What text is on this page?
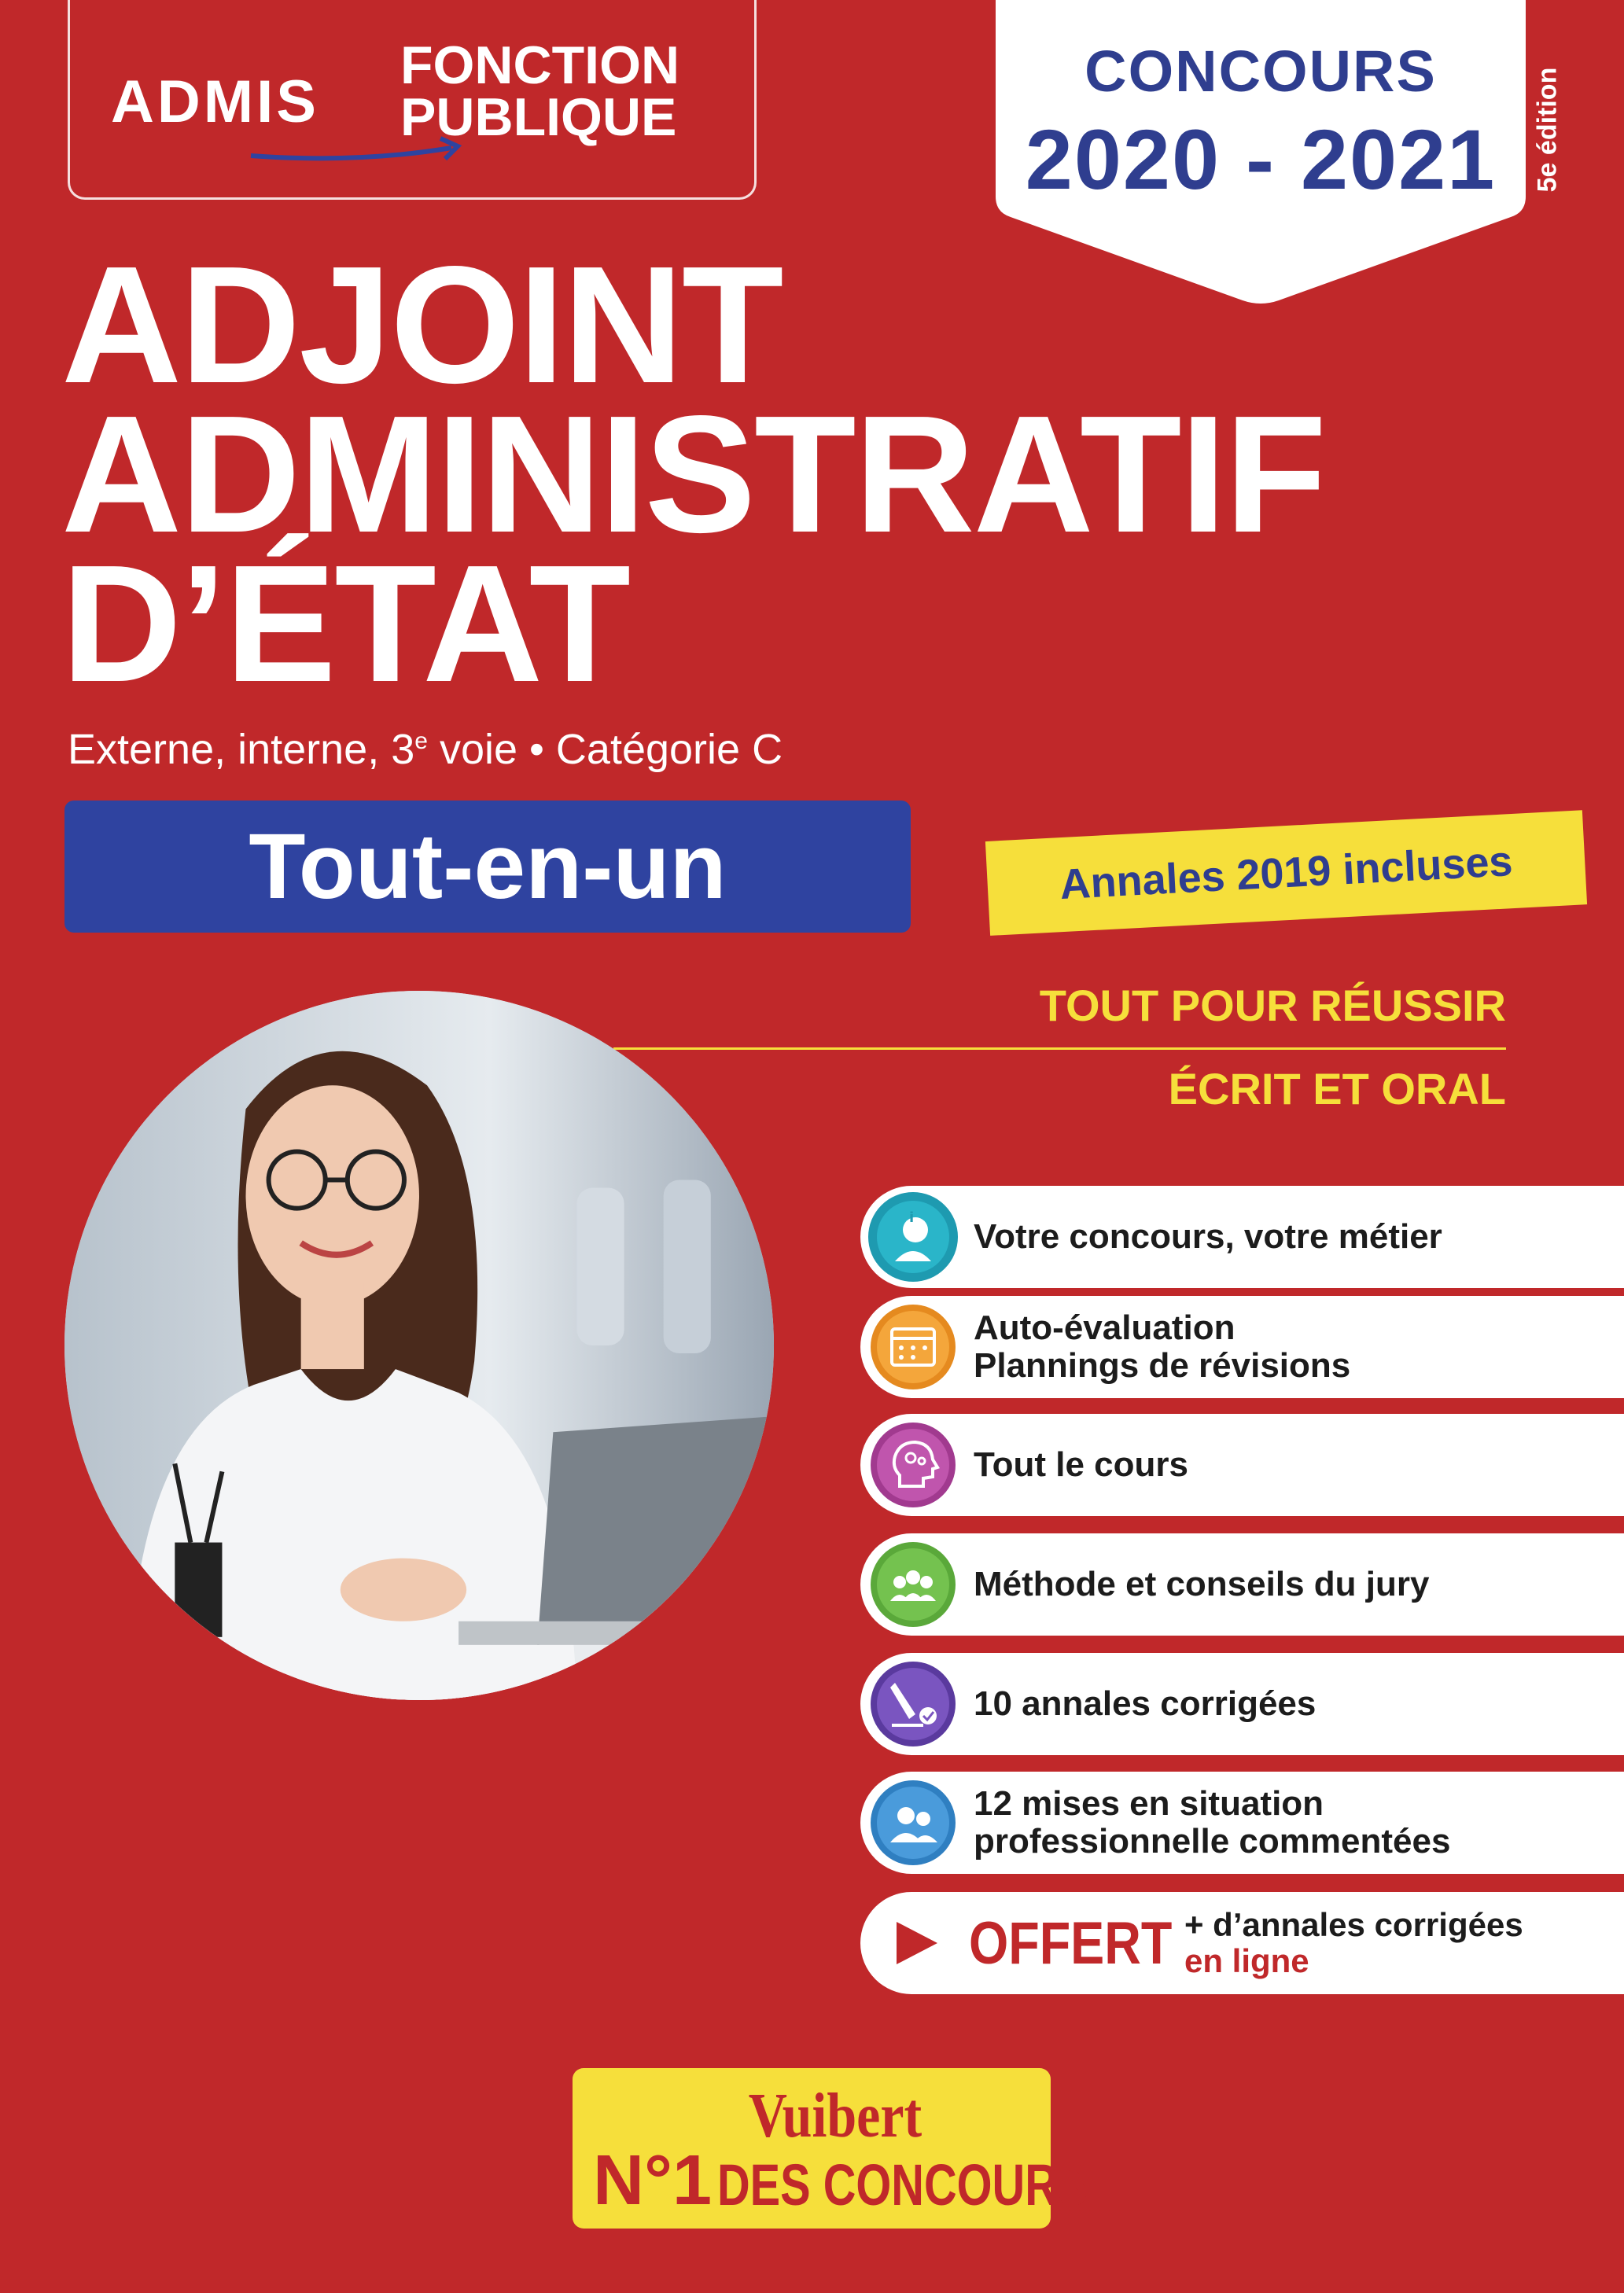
ADMIS
FONCTION
PUBLIQUE
CONCOURS
2020 - 2021	5e édition
ADJOINT
ADMINISTRATIF
D’ÉTAT
Externe, interne, 3e voie • Catégorie C
Tout-en-un	Annales 2019 incluses
TOUT POUR RÉUSSIR
ÉCRIT ET ORAL
i Votre concours, votre métier
Auto-évaluation
Plannings de révisions
Tout le cours
Méthode et conseils du jury
10 annales corrigées
12 mises en situation
professionnelle commentées
OFFERT + d’annales corrigées
en ligne
Vuibert
N°1 DES CONCOURS
